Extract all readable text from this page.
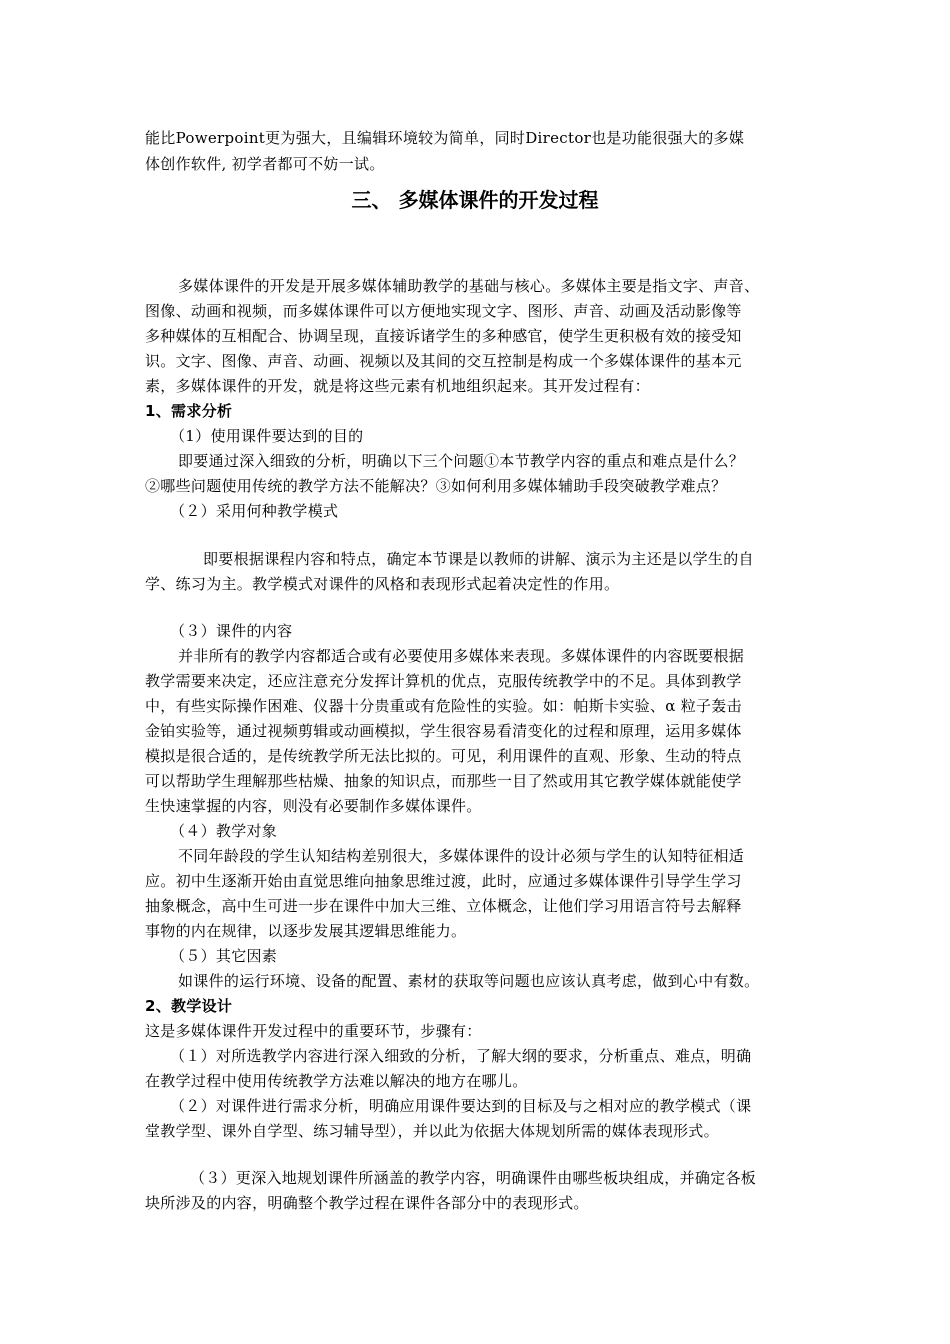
能比Powerpoint更为强大，且编辑环境较为简单，同时Director也是功能很强大的多媒
体创作软件, 初学者都可不妨一试。
三、 多媒体课件的开发过程
多媒体课件的开发是开展多媒体辅助教学的基础与核心。多媒体主要是指文字、声音、
图像、动画和视频，而多媒体课件可以方便地实现文字、图形、声音、动画及活动影像等
多种媒体的互相配合、协调呈现，直接诉诸学生的多种感官，使学生更积极有效的接受知
识。文字、图像、声音、动画、视频以及其间的交互控制是构成一个多媒体课件的基本元
素，多媒体课件的开发，就是将这些元素有机地组织起来。其开发过程有：
1、需求分析
（1）使用课件要达到的目的
即要通过深入细致的分析，明确以下三个问题①本节教学内容的重点和难点是什么？
②哪些问题使用传统的教学方法不能解决？③如何利用多媒体辅助手段突破教学难点？
（２）采用何种教学模式
即要根据课程内容和特点，确定本节课是以教师的讲解、演示为主还是以学生的自
学、练习为主。教学模式对课件的风格和表现形式起着决定性的作用。
（３）课件的内容
并非所有的教学内容都适合或有必要使用多媒体来表现。多媒体课件的内容既要根据
教学需要来决定，还应注意充分发挥计算机的优点，克服传统教学中的不足。具体到教学
中，有些实际操作困难、仪器十分贵重或有危险性的实验。如：帕斯卡实验、α 粒子轰击
金铂实验等，通过视频剪辑或动画模拟，学生很容易看清变化的过程和原理，运用多媒体
模拟是很合适的，是传统教学所无法比拟的。可见，利用课件的直观、形象、生动的特点
可以帮助学生理解那些枯燥、抽象的知识点，而那些一目了然或用其它教学媒体就能使学
生快速掌握的内容，则没有必要制作多媒体课件。
（４）教学对象
不同年龄段的学生认知结构差别很大，多媒体课件的设计必须与学生的认知特征相适
应。初中生逐渐开始由直觉思维向抽象思维过渡，此时，应通过多媒体课件引导学生学习
抽象概念，高中生可进一步在课件中加大三维、立体概念，让他们学习用语言符号去解释
事物的内在规律，以逐步发展其逻辑思维能力。
（５）其它因素
如课件的运行环境、设备的配置、素材的获取等问题也应该认真考虑，做到心中有数。
2、教学设计
这是多媒体课件开发过程中的重要环节，步骤有：
（１）对所选教学内容进行深入细致的分析，了解大纲的要求，分析重点、难点，明确
在教学过程中使用传统教学方法难以解决的地方在哪儿。
（２）对课件进行需求分析，明确应用课件要达到的目标及与之相对应的教学模式（课
堂教学型、课外自学型、练习辅导型），并以此为依据大体规划所需的媒体表现形式。
（３）更深入地规划课件所涵盖的教学内容，明确课件由哪些板块组成，并确定各板
块所涉及的内容，明确整个教学过程在课件各部分中的表现形式。
